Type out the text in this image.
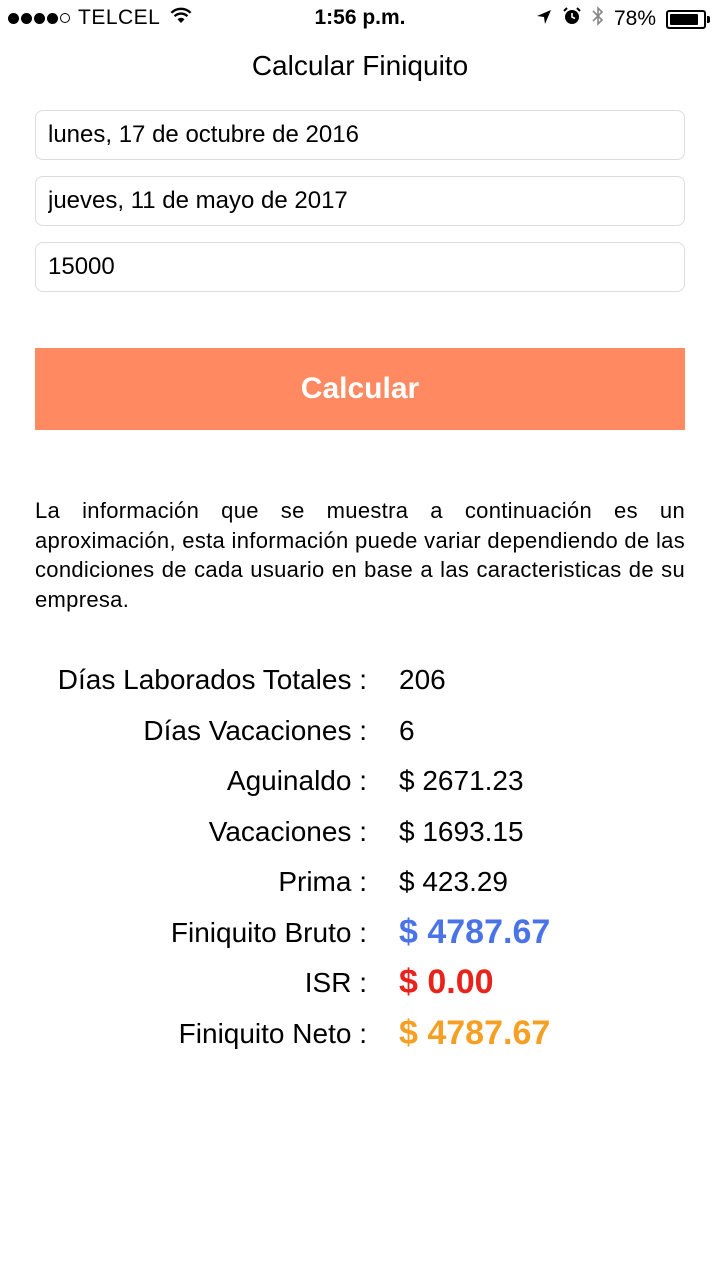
TELCEL	1:56 p.m.	78%
Calcular Finiquito
lunes, 17 de octubre de 2016
jueves, 11 de mayo de 2017
15000
Calcular
La información que se muestra a continuación es un aproximación, esta información puede variar dependiendo de las condiciones de cada usuario en base a las caracteristicas de su empresa.
Días Laborados Totales : 206
Días Vacaciones : 6
Aguinaldo : $ 2671.23
Vacaciones : $ 1693.15
Prima : $ 423.29
Finiquito Bruto : $ 4787.67
ISR : $ 0.00
Finiquito Neto : $ 4787.67
